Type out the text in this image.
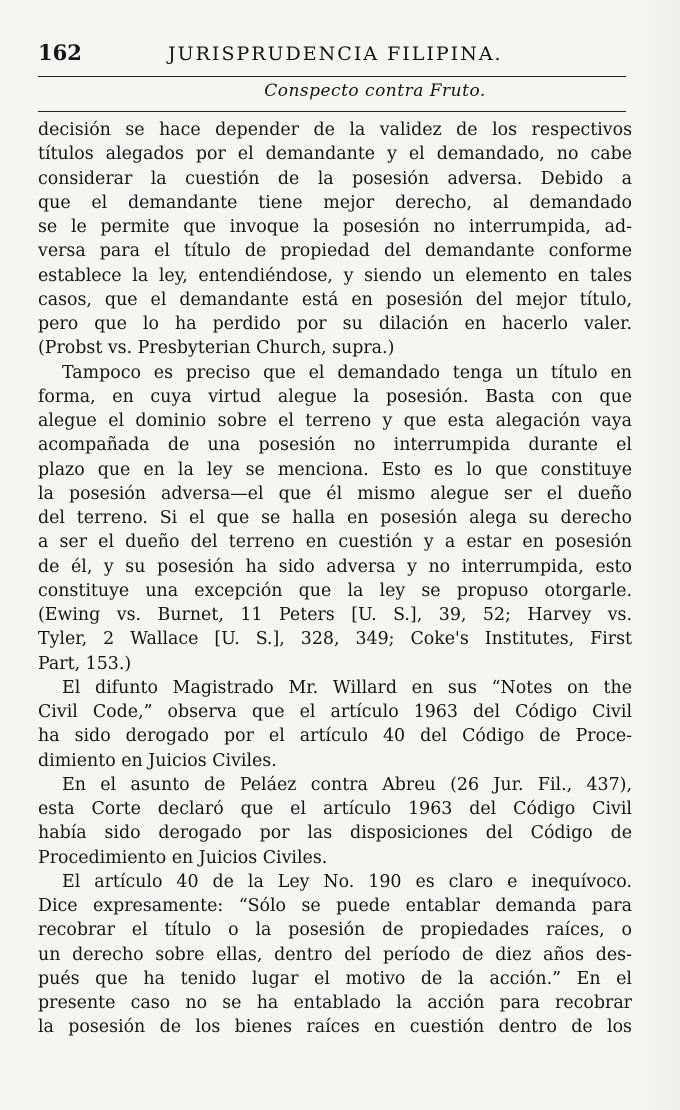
162	JURISPRUDENCIA FILIPINA.
Conspecto contra Fruto.
decisión se hace depender de la validez de los respectivos
títulos alegados por el demandante y el demandado, no cabe
considerar la cuestión de la posesión adversa. Debido a
que el demandante tiene mejor derecho, al demandado
se le permite que invoque la posesión no interrumpida, ad-
versa para el título de propiedad del demandante conforme
establece la ley, entendiéndose, y siendo un elemento en tales
casos, que el demandante está en posesión del mejor título,
pero que lo ha perdido por su dilación en hacerlo valer.
(Probst vs. Presbyterian Church, supra.)
Tampoco es preciso que el demandado tenga un título en
forma, en cuya virtud alegue la posesión. Basta con que
alegue el dominio sobre el terreno y que esta alegación vaya
acompañada de una posesión no interrumpida durante el
plazo que en la ley se menciona. Esto es lo que constituye
la posesión adversa—el que él mismo alegue ser el dueño
del terreno. Si el que se halla en posesión alega su derecho
a ser el dueño del terreno en cuestión y a estar en posesión
de él, y su posesión ha sido adversa y no interrumpida, esto
constituye una excepción que la ley se propuso otorgarle.
(Ewing vs. Burnet, 11 Peters [U. S.], 39, 52; Harvey vs.
Tyler, 2 Wallace [U. S.], 328, 349; Coke's Institutes, First
Part, 153.)
El difunto Magistrado Mr. Willard en sus “Notes on the
Civil Code,” observa que el artículo 1963 del Código Civil
ha sido derogado por el artículo 40 del Código de Proce-
dimiento en Juicios Civiles.
En el asunto de Peláez contra Abreu (26 Jur. Fil., 437),
esta Corte declaró que el artículo 1963 del Código Civil
había sido derogado por las disposiciones del Código de
Procedimiento en Juicios Civiles.
El artículo 40 de la Ley No. 190 es claro e inequívoco.
Dice expresamente: “Sólo se puede entablar demanda para
recobrar el título o la posesión de propiedades raíces, o
un derecho sobre ellas, dentro del período de diez años des-
pués que ha tenido lugar el motivo de la acción.” En el
presente caso no se ha entablado la acción para recobrar
la posesión de los bienes raíces en cuestión dentro de los
